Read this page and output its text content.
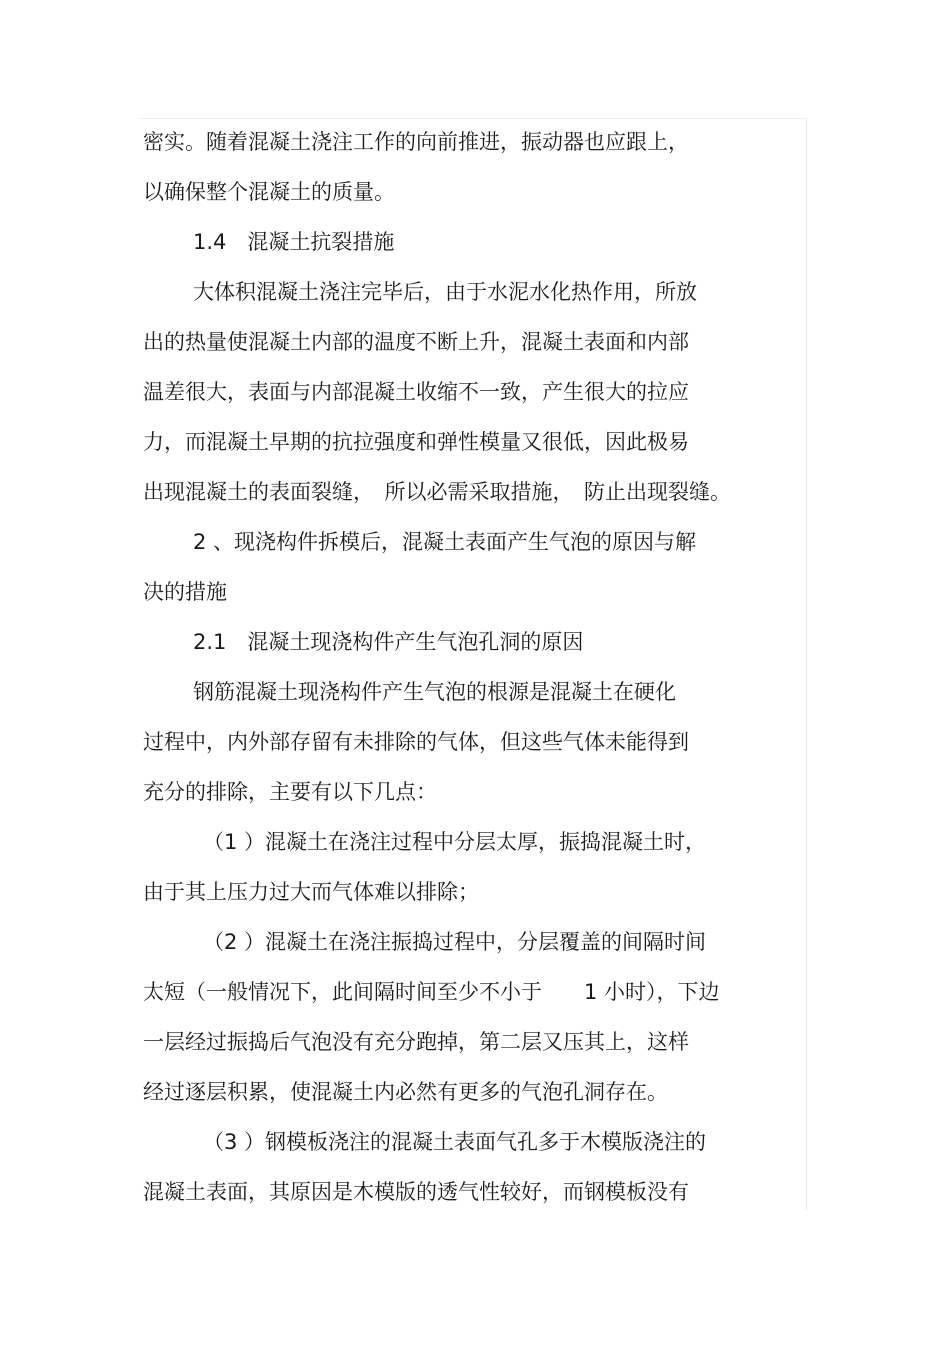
密实。随着混凝土浇注工作的向前推进，振动器也应跟上，
以确保整个混凝土的质量。
1.4　混凝土抗裂措施
大体积混凝土浇注完毕后，由于水泥水化热作用，所放
出的热量使混凝土内部的温度不断上升，混凝土表面和内部
温差很大，表面与内部混凝土收缩不一致，产生很大的拉应
力，而混凝土早期的抗拉强度和弹性模量又很低，因此极易
出现混凝土的表面裂缝，　所以必需采取措施，　防止出现裂缝。
2 、现浇构件拆模后，混凝土表面产生气泡的原因与解
决的措施
2.1　混凝土现浇构件产生气泡孔洞的原因
钢筋混凝土现浇构件产生气泡的根源是混凝土在硬化
过程中，内外部存留有未排除的气体，但这些气体未能得到
充分的排除，主要有以下几点：
（1 ）混凝土在浇注过程中分层太厚，振捣混凝土时，
由于其上压力过大而气体难以排除；
（2 ）混凝土在浇注振捣过程中，分层覆盖的间隔时间
太短（一般情况下，此间隔时间至少不小于　　1 小时），下边
一层经过振捣后气泡没有充分跑掉，第二层又压其上，这样
经过逐层积累，使混凝土内必然有更多的气泡孔洞存在。
（3 ）钢模板浇注的混凝土表面气孔多于木模版浇注的
混凝土表面，其原因是木模版的透气性较好，而钢模板没有
